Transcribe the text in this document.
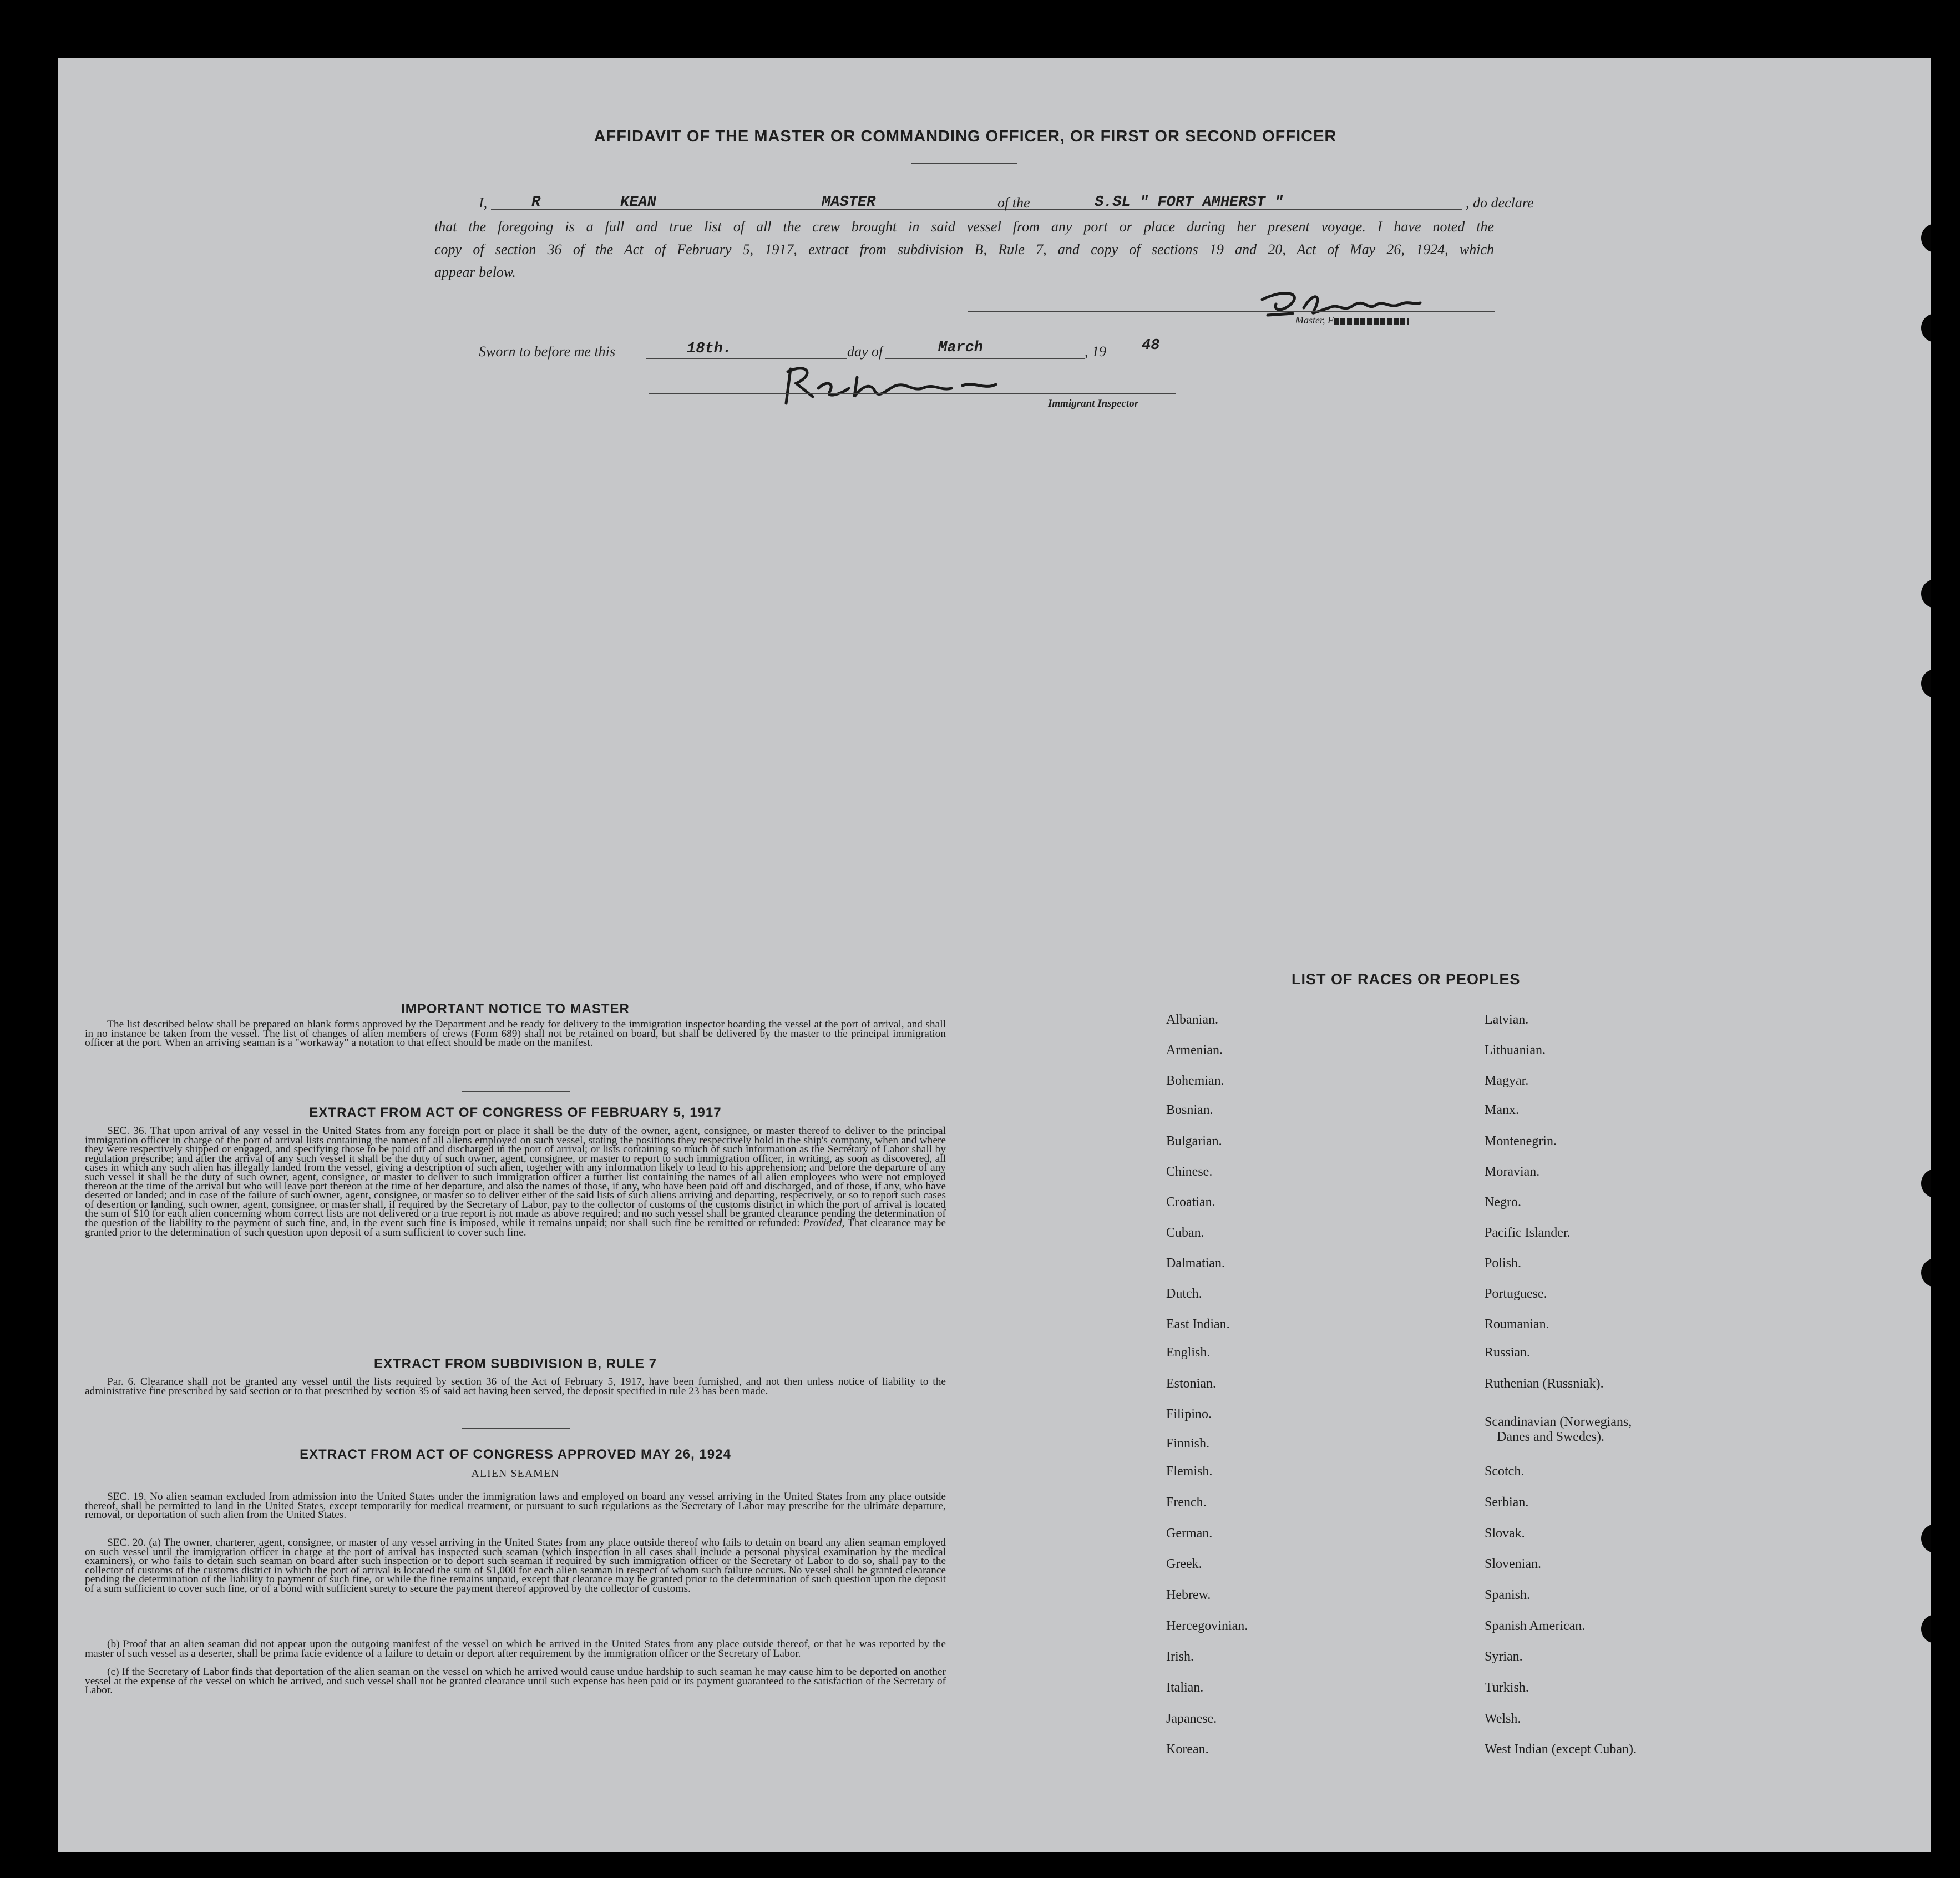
AFFIDAVIT OF THE MASTER OR COMMANDING OFFICER, OR FIRST OR SECOND OFFICER
I,	R	KEAN	MASTER	of the	S.SL " FORT AMHERST "	, do declare
that the foregoing is a full and true list of all the crew brought in said vessel from any port or place during her present voyage. I have noted the
copy of section 36 of the Act of February 5, 1917, extract from subdivision B, Rule 7, and copy of sections 19 and 20, Act of May 26, 1924, which
appear below.
Master, F
Sworn to before me this	18th.	day of	March	, 19 48
Immigrant Inspector
IMPORTANT NOTICE TO MASTER

The list described below shall be prepared on blank forms approved by the Department and be ready for delivery to the immigration inspector boarding the vessel at the port of arrival, and shall in no instance be taken from the vessel. The list of changes of alien members of crews (Form 689) shall not be retained on board, but shall be delivered by the master to the principal immigration officer at the port. When an arriving seaman is a "workaway" a notation to that effect should be made on the manifest.

EXTRACT FROM ACT OF CONGRESS OF FEBRUARY 5, 1917

SEC. 36. That upon arrival of any vessel in the United States from any foreign port or place it shall be the duty of the owner, agent, consignee, or master thereof to deliver to the principal immigration officer in charge of the port of arrival lists containing the names of all aliens employed on such vessel, stating the positions they respectively hold in the ship's company, when and where they were respectively shipped or engaged, and specifying those to be paid off and discharged in the port of arrival; or lists containing so much of such information as the Secretary of Labor shall by regulation prescribe; and after the arrival of any such vessel it shall be the duty of such owner, agent, consignee, or master to report to such immigration officer, in writing, as soon as discovered, all cases in which any such alien has illegally landed from the vessel, giving a description of such alien, together with any information likely to lead to his apprehension; and before the departure of any such vessel it shall be the duty of such owner, agent, consignee, or master to deliver to such immigration officer a further list containing the names of all alien employees who were not employed thereon at the time of the arrival but who will leave port thereon at the time of her departure, and also the names of those, if any, who have been paid off and discharged, and of those, if any, who have deserted or landed; and in case of the failure of such owner, agent, consignee, or master so to deliver either of the said lists of such aliens arriving and departing, respectively, or so to report such cases of desertion or landing, such owner, agent, consignee, or master shall, if required by the Secretary of Labor, pay to the collector of customs of the customs district in which the port of arrival is located the sum of $10 for each alien concerning whom correct lists are not delivered or a true report is not made as above required; and no such vessel shall be granted clearance pending the determination of the question of the liability to the payment of such fine, and, in the event such fine is imposed, while it remains unpaid; nor shall such fine be remitted or refunded: Provided, That clearance may be granted prior to the determination of such question upon deposit of a sum sufficient to cover such fine.

EXTRACT FROM SUBDIVISION B, RULE 7

Par. 6. Clearance shall not be granted any vessel until the lists required by section 36 of the Act of February 5, 1917, have been furnished, and not then unless notice of liability to the administrative fine prescribed by said section or to that prescribed by section 35 of said act having been served, the deposit specified in rule 23 has been made.

EXTRACT FROM ACT OF CONGRESS APPROVED MAY 26, 1924
ALIEN SEAMEN

SEC. 19. No alien seaman excluded from admission into the United States under the immigration laws and employed on board any vessel arriving in the United States from any place outside thereof, shall be permitted to land in the United States, except temporarily for medical treatment, or pursuant to such regulations as the Secretary of Labor may prescribe for the ultimate departure, removal, or deportation of such alien from the United States.

SEC. 20. (a) The owner, charterer, agent, consignee, or master of any vessel arriving in the United States from any place outside thereof who fails to detain on board any alien seaman employed on such vessel until the immigration officer in charge at the port of arrival has inspected such seaman (which inspection in all cases shall include a personal physical examination by the medical examiners), or who fails to detain such seaman on board after such inspection or to deport such seaman if required by such immigration officer or the Secretary of Labor to do so, shall pay to the collector of customs of the customs district in which the port of arrival is located the sum of $1,000 for each alien seaman in respect of whom such failure occurs. No vessel shall be granted clearance pending the determination of the liability to payment of such fine, or while the fine remains unpaid, except that clearance may be granted prior to the determination of such question upon the deposit of a sum sufficient to cover such fine, or of a bond with sufficient surety to secure the payment thereof approved by the collector of customs.

(b) Proof that an alien seaman did not appear upon the outgoing manifest of the vessel on which he arrived in the United States from any place outside thereof, or that he was reported by the master of such vessel as a deserter, shall be prima facie evidence of a failure to detain or deport after requirement by the immigration officer or the Secretary of Labor.

(c) If the Secretary of Labor finds that deportation of the alien seaman on the vessel on which he arrived would cause undue hardship to such seaman he may cause him to be deported on another vessel at the expense of the vessel on which he arrived, and such vessel shall not be granted clearance until such expense has been paid or its payment guaranteed to the satisfaction of the Secretary of Labor.

LIST OF RACES OR PEOPLES
Albanian.
Armenian.
Bohemian.
Bosnian.
Bulgarian.
Chinese.
Croatian.
Cuban.
Dalmatian.
Dutch.
East Indian.
English.
Estonian.
Filipino.
Finnish.
Flemish.
French.
German.
Greek.
Hebrew.
Hercegovinian.
Irish.
Italian.
Japanese.
Korean.
Latvian.
Lithuanian.
Magyar.
Manx.
Montenegrin.
Moravian.
Negro.
Pacific Islander.
Polish.
Portuguese.
Roumanian.
Russian.
Ruthenian (Russniak).
Scandinavian (Norwegians,
Danes and Swedes).
Scotch.
Serbian.
Slovak.
Slovenian.
Spanish.
Spanish American.
Syrian.
Turkish.
Welsh.
West Indian (except Cuban).
